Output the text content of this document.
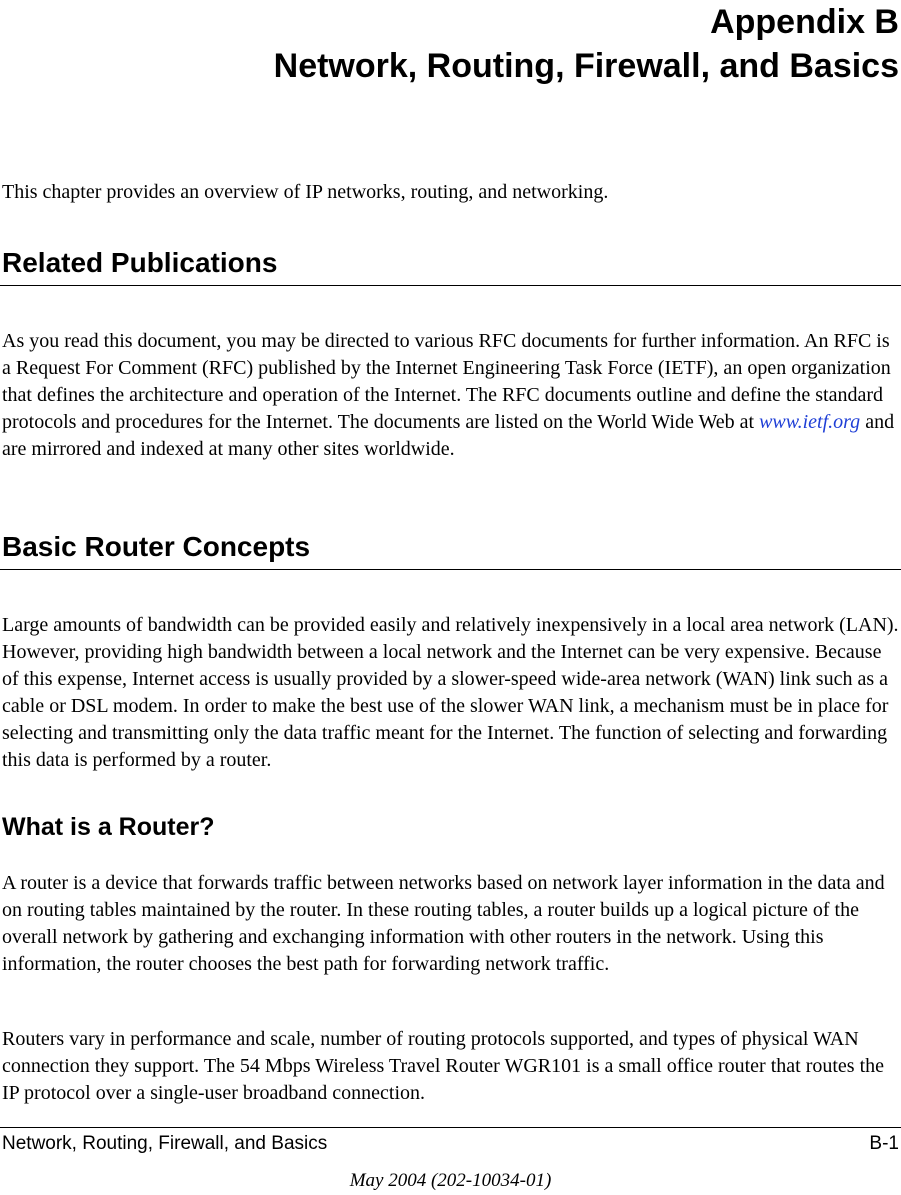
Appendix B
Network, Routing, Firewall, and Basics

This chapter provides an overview of IP networks, routing, and networking.

Related Publications

As you read this document, you may be directed to various RFC documents for further information. An RFC is a Request For Comment (RFC) published by the Internet Engineering Task Force (IETF), an open organization that defines the architecture and operation of the Internet. The RFC documents outline and define the standard protocols and procedures for the Internet. The documents are listed on the World Wide Web at www.ietf.org and are mirrored and indexed at many other sites worldwide.

Basic Router Concepts

Large amounts of bandwidth can be provided easily and relatively inexpensively in a local area network (LAN). However, providing high bandwidth between a local network and the Internet can be very expensive. Because of this expense, Internet access is usually provided by a slower-speed wide-area network (WAN) link such as a cable or DSL modem. In order to make the best use of the slower WAN link, a mechanism must be in place for selecting and transmitting only the data traffic meant for the Internet. The function of selecting and forwarding this data is performed by a router.

What is a Router?

A router is a device that forwards traffic between networks based on network layer information in the data and on routing tables maintained by the router. In these routing tables, a router builds up a logical picture of the overall network by gathering and exchanging information with other routers in the network. Using this information, the router chooses the best path for forwarding network traffic.

Routers vary in performance and scale, number of routing protocols supported, and types of physical WAN connection they support. The 54 Mbps Wireless Travel Router WGR101 is a small office router that routes the IP protocol over a single-user broadband connection.

Network, Routing, Firewall, and Basics	B-1
May 2004 (202-10034-01)
